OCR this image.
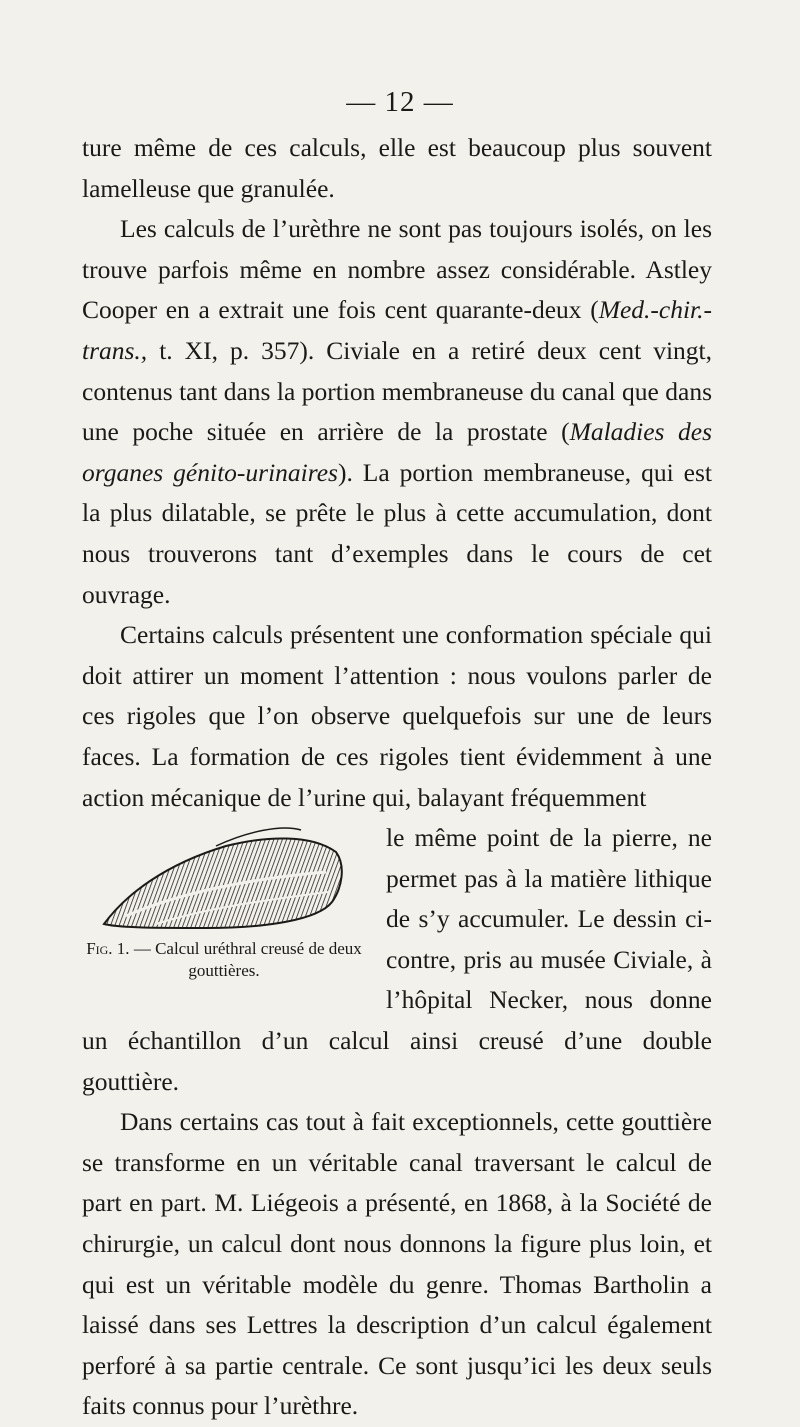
— 12 —

ture même de ces calculs, elle est beaucoup plus souvent lamelleuse que granulée.

Les calculs de l’urèthre ne sont pas toujours isolés, on les trouve parfois même en nombre assez considérable. Astley Cooper en a extrait une fois cent quarante-deux (Med.-chir.-trans., t. XI, p. 357). Civiale en a retiré deux cent vingt, contenus tant dans la portion membraneuse du canal que dans une poche située en arrière de la prostate (Maladies des organes génito-urinaires). La portion membraneuse, qui est la plus dilatable, se prête le plus à cette accumulation, dont nous trouverons tant d’exemples dans le cours de cet ouvrage.

Certains calculs présentent une conformation spéciale qui doit attirer un moment l’attention : nous voulons parler de ces rigoles que l’on observe quelquefois sur une de leurs faces. La formation de ces rigoles tient évidemment à une action mécanique de l’urine qui, balayant fréquemment

Fig. 1. — Calcul uréthral creusé de deux gouttières.

le même point de la pierre, ne permet pas à la matière lithique de s’y accumuler. Le dessin ci-contre, pris au musée Civiale, à l’hôpital Necker, nous donne un échantillon d’un calcul ainsi creusé d’une double gouttière.

Dans certains cas tout à fait exceptionnels, cette gouttière se transforme en un véritable canal traversant le calcul de part en part. M. Liégeois a présenté, en 1868, à la Société de chirurgie, un calcul dont nous donnons la figure plus loin, et qui est un véritable modèle du genre. Thomas Bartholin a laissé dans ses Lettres la description d’un calcul également perforé à sa partie centrale. Ce sont jusqu’ici les deux seuls faits connus pour l’urèthre.
